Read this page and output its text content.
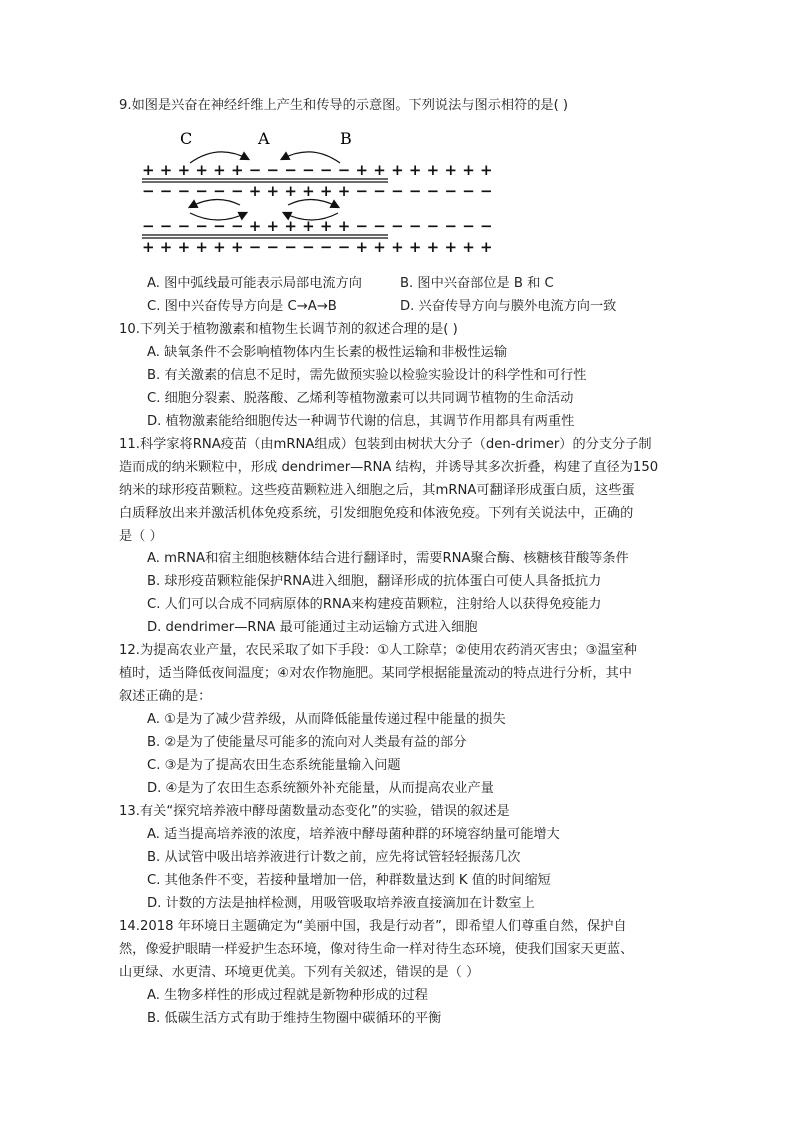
9.如图是兴奋在神经纤维上产生和传导的示意图。下列说法与图示相符的是( )
C	A	B
+ + + + + + − − − − − − + + + + + + + +
− − − − − − + + + + + + − − − − − − − −
− − − − − − + + + + + + − − − − − − − −
+ + + + + + − − − − − − + + + + + + + +
A. 图中弧线最可能表示局部电流方向	B. 图中兴奋部位是 B 和 C
C. 图中兴奋传导方向是 C→A→B	D. 兴奋传导方向与膜外电流方向一致
10.下列关于植物激素和植物生长调节剂的叙述合理的是( )
A. 缺氧条件不会影响植物体内生长素的极性运输和非极性运输
B. 有关激素的信息不足时，需先做预实验以检验实验设计的科学性和可行性
C. 细胞分裂素、脱落酸、乙烯利等植物激素可以共同调节植物的生命活动
D. 植物激素能给细胞传达一种调节代谢的信息，其调节作用都具有两重性
11.科学家将RNA疫苗（由mRNA组成）包装到由树状大分子（den-drimer）的分支分子制
造而成的纳米颗粒中，形成 dendrimer—RNA 结构，并诱导其多次折叠，构建了直径为150
纳米的球形疫苗颗粒。这些疫苗颗粒进入细胞之后，其mRNA可翻译形成蛋白质，这些蛋
白质释放出来并激活机体免疫系统，引发细胞免疫和体液免疫。下列有关说法中，正确的
是（ ）
A. mRNA和宿主细胞核糖体结合进行翻译时，需要RNA聚合酶、核糖核苷酸等条件
B. 球形疫苗颗粒能保护RNA进入细胞，翻译形成的抗体蛋白可使人具备抵抗力
C. 人们可以合成不同病原体的RNA来构建疫苗颗粒，注射给人以获得免疫能力
D. dendrimer—RNA 最可能通过主动运输方式进入细胞
12.为提高农业产量，农民采取了如下手段：①人工除草；②使用农药消灭害虫；③温室种
植时，适当降低夜间温度；④对农作物施肥。某同学根据能量流动的特点进行分析，其中
叙述正确的是：
A. ①是为了减少营养级，从而降低能量传递过程中能量的损失
B. ②是为了使能量尽可能多的流向对人类最有益的部分
C. ③是为了提高农田生态系统能量输入问题
D. ④是为了农田生态系统额外补充能量，从而提高农业产量
13.有关“探究培养液中酵母菌数量动态变化”的实验，错误的叙述是
A. 适当提高培养液的浓度，培养液中酵母菌种群的环境容纳量可能增大
B. 从试管中吸出培养液进行计数之前，应先将试管轻轻振荡几次
C. 其他条件不变，若接种量增加一倍，种群数量达到 K 值的时间缩短
D. 计数的方法是抽样检测，用吸管吸取培养液直接滴加在计数室上
14.2018 年环境日主题确定为“美丽中国，我是行动者”，即希望人们尊重自然，保护自
然，像爱护眼睛一样爱护生态环境，像对待生命一样对待生态环境，使我们国家天更蓝、
山更绿、水更清、环境更优美。下列有关叙述，错误的是（ ）
A. 生物多样性的形成过程就是新物种形成的过程
B. 低碳生活方式有助于维持生物圈中碳循环的平衡
